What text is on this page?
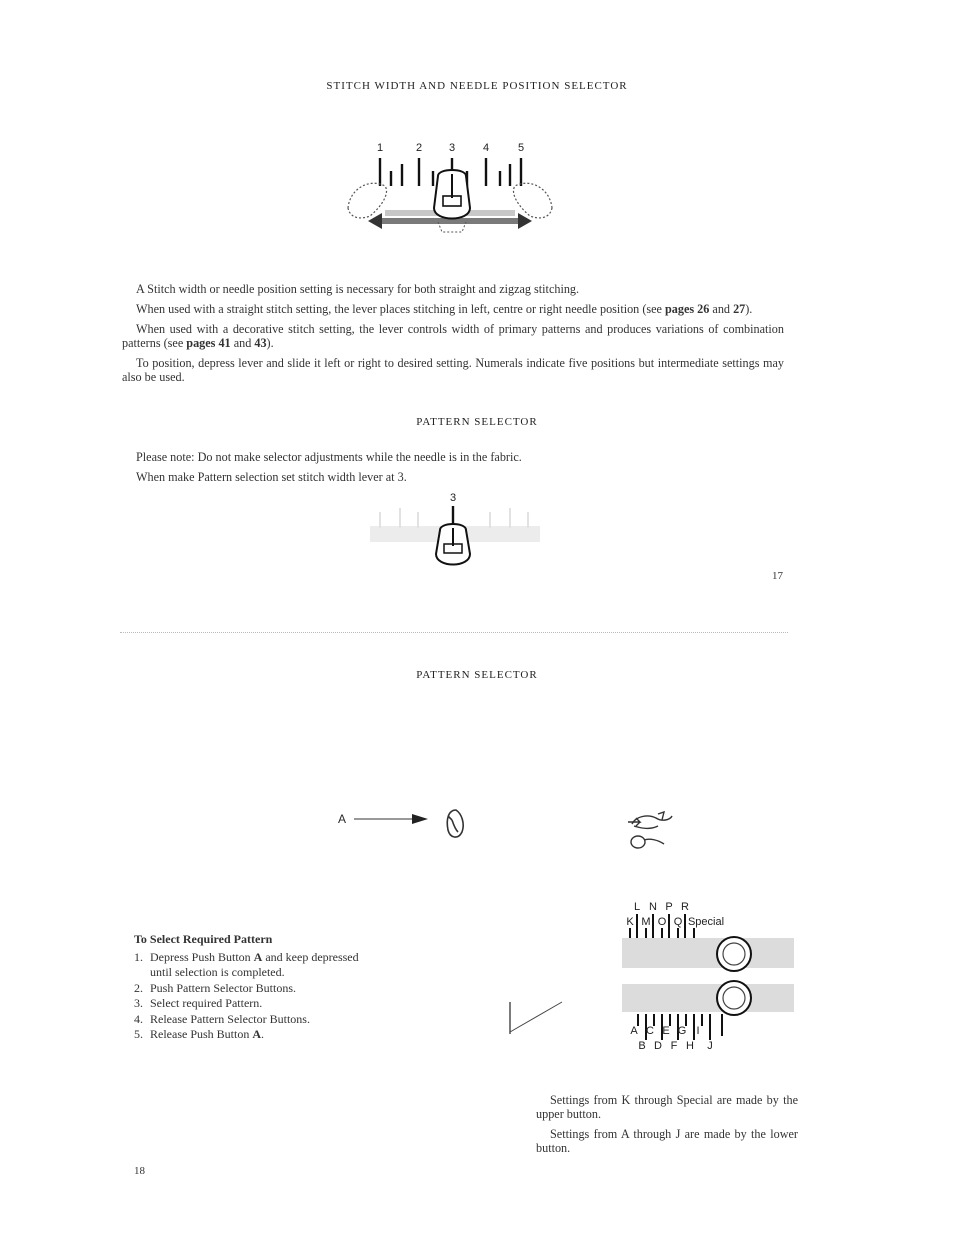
STITCH WIDTH AND NEEDLE POSITION SELECTOR
1	2 3	4	5

A Stitch width or needle position setting is necessary for both straight and zigzag stitching.

When used with a straight stitch setting, the lever places stitching in left, centre or right needle position (see pages 26 and 27).

When used with a decorative stitch setting, the lever controls width of primary patterns and produces variations of combination patterns (see pages 41 and 43).

To position, depress lever and slide it left or right to desired setting. Numerals indicate five positions but intermediate settings may also be used.

PATTERN SELECTOR

Please note: Do not make selector adjustments while the needle is in the fabric.

When make Pattern selection set stitch width lever at 3.

3
17
PATTERN SELECTOR
A
To Select Required Pattern
1. Depress Push Button A and keep depressed until selection is completed.
2. Push Pattern Selector Buttons.
3. Select required Pattern.
4. Release Pattern Selector Buttons.
5. Release Push Button A.
L N P R
K M O Q Special
A C E G I
B D F H J

Settings from K through Special are made by the upper button.

Settings from A through J are made by the lower button.

18
